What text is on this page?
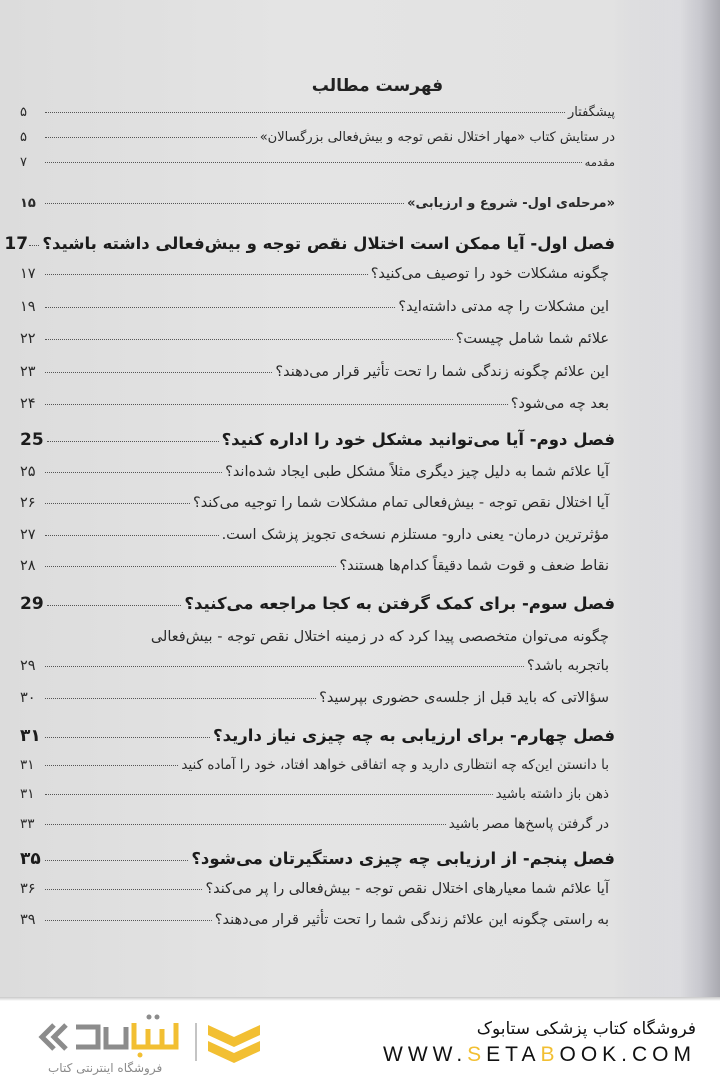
فهرست مطالب
پیشگفتار
۵
در ستایش کتاب «مهار اختلال نقص توجه و بیش‌فعالی بزرگسالان»
۵
مقدمه
۷
«مرحله‌ی اول- شروع و ارزیابی»
۱۵
فصل اول- آیا ممکن است اختلال نقص توجه و بیش‌فعالی داشته باشید؟
17
چگونه مشکلات خود را توصیف می‌کنید؟
۱۷
این مشکلات را چه مدتی داشته‌اید؟
۱۹
علائم شما شامل چیست؟
۲۲
این علائم چگونه زندگی شما را تحت تأثیر قرار می‌دهند؟
۲۳
بعد چه می‌شود؟
۲۴
فصل دوم- آیا می‌توانید مشکل خود را اداره کنید؟
25
آیا علائم شما به دلیل چیز دیگری مثلاً مشکل طبی ایجاد شده‌اند؟
۲۵
آیا اختلال نقص توجه - بیش‌فعالی تمام مشکلات شما را توجیه می‌کند؟
۲۶
مؤثرترین درمان- یعنی دارو- مستلزم نسخه‌ی تجویز پزشک است.
۲۷
نقاط ضعف و قوت شما دقیقاً کدام‌ها هستند؟
۲۸
فصل سوم- برای کمک گرفتن به کجا مراجعه می‌کنید؟
29
چگونه می‌توان متخصصی پیدا کرد که در زمینه اختلال نقص توجه - بیش‌فعالی
باتجربه باشد؟
۲۹
سؤالاتی که باید قبل از جلسه‌ی حضوری بپرسید؟
۳۰
فصل چهارم- برای ارزیابی به چه چیزی نیاز دارید؟
۳۱
با دانستن این‌که چه انتظاری دارید و چه اتفاقی خواهد افتاد، خود را آماده کنید
۳۱
ذهن باز داشته باشید
۳۱
در گرفتن پاسخ‌ها مصر باشید
۳۳
فصل پنجم- از ارزیابی چه چیزی دستگیرتان می‌شود؟
۳۵
آیا علائم شما معیارهای اختلال نقص توجه - بیش‌فعالی را پر می‌کند؟
۳۶
به راستی چگونه این علائم زندگی شما را تحت تأثیر قرار می‌دهند؟
۳۹
فروشگاه اینترنتی کتاب
فروشگاه کتاب پزشکی ستابوک
WWW.SETABOOK.COM
